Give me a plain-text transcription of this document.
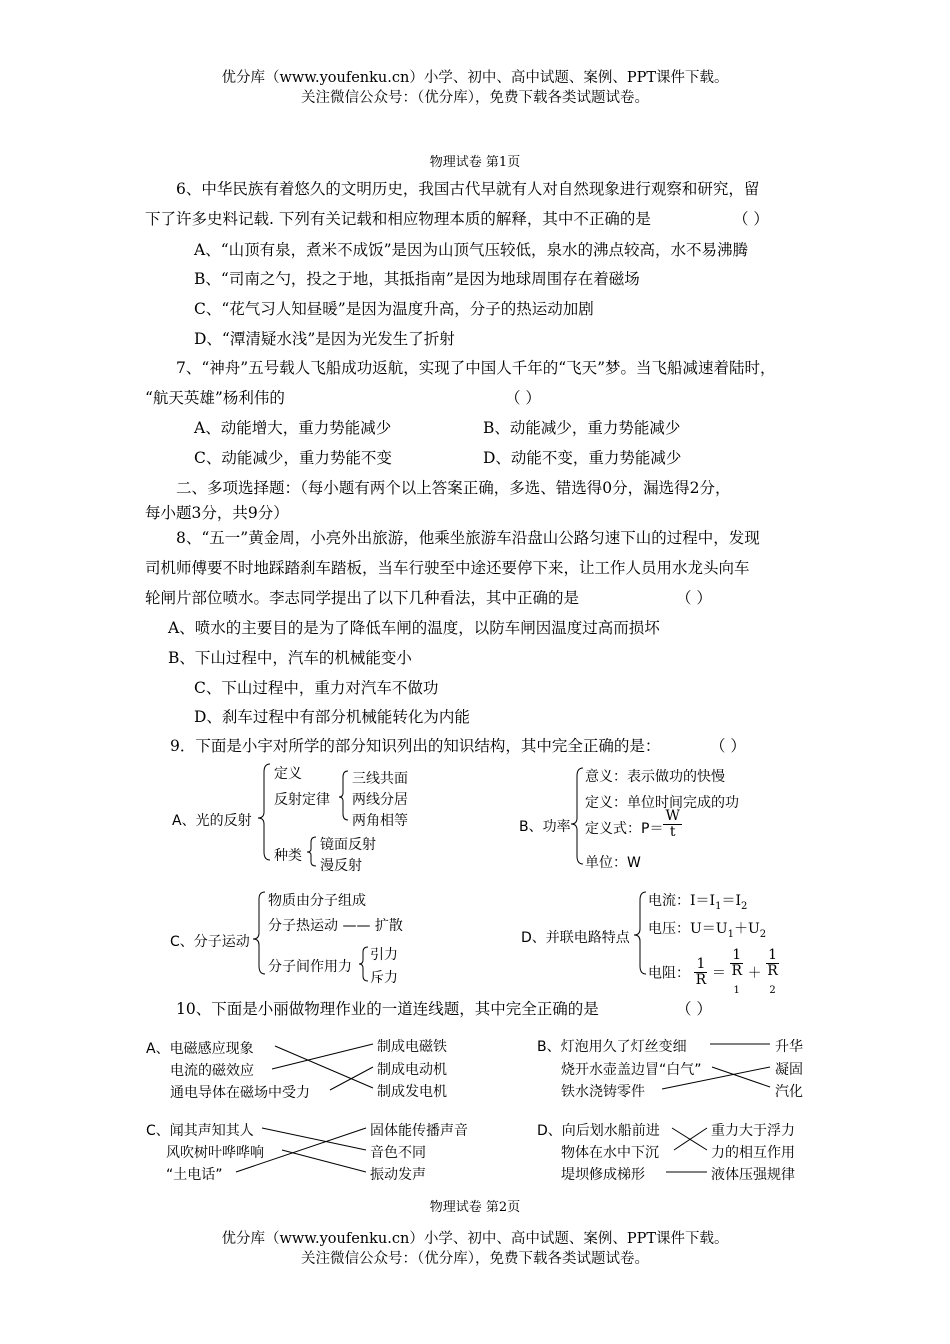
优分库（www.youfenku.cn）小学、初中、高中试题、案例、PPT课件下载。
关注微信公众号：（优分库），免费下载各类试题试卷。
物理试卷 第1页
6、中华民族有着悠久的文明历史，我国古代早就有人对自然现象进行观察和研究，留
下了许多史料记载. 下列有关记载和相应物理本质的解释，其中不正确的是	（ ）
A、“山顶有泉，煮米不成饭”是因为山顶气压较低，泉水的沸点较高，水不易沸腾
B、“司南之勺，投之于地，其抵指南”是因为地球周围存在着磁场
C、“花气习人知昼暖”是因为温度升高，分子的热运动加剧
D、“潭清疑水浅”是因为光发生了折射
7、“神舟”五号载人飞船成功返航，实现了中国人千年的“飞天”梦。当飞船减速着陆时，
“航天英雄”杨利伟的	（ ）
A、动能增大，重力势能减少	B、动能减少，重力势能减少
C、动能减少，重力势能不变	D、动能不变，重力势能减少
二、多项选择题：（每小题有两个以上答案正确，多选、错选得0分，漏选得2分，
每小题3分，共9分）
8、“五一”黄金周，小亮外出旅游，他乘坐旅游车沿盘山公路匀速下山的过程中，发现
司机师傅要不时地踩踏刹车踏板，当车行驶至中途还要停下来，让工作人员用水龙头向车
轮闸片部位喷水。李志同学提出了以下几种看法，其中正确的是	（ ）
A、喷水的主要目的是为了降低车闸的温度，以防车闸因温度过高而损坏
B、下山过程中，汽车的机械能变小
C、下山过程中，重力对汽车不做功
D、刹车过程中有部分机械能转化为内能
9．下面是小宇对所学的部分知识列出的知识结构，其中完全正确的是：	（ ）
A、光的反射
定义
反射定律
三线共面
两线分居
两角相等
种类
镜面反射
漫反射
B、功率
意义：表示做功的快慢
定义：单位时间完成的功
定义式：$P= \frac{W}{t}$
单位：W
C、分子运动
物质由分子组成
分子热运动 —— 扩散
分子间作用力
引力
斥力
D、并联电路特点
电流：$I=I_1=I_2$
电压：$U=U_1+U_2$
电阻： $\frac{1}{R} = 1$
R
$_1$ ＋ 1
R
$_2$
10、下面是小丽做物理作业的一道连线题，其中完全正确的是	（ ）
A、电磁感应现象
电流的磁效应
通电导体在磁场中受力
制成电磁铁
制成电动机
制成发电机
B、灯泡用久了灯丝变细
烧开水壶盖边冒“白气”
铁水浇铸零件
升华
凝固
汽化
C、闻其声知其人
风吹树叶哗哗响
“土电话”
固体能传播声音
音色不同
振动发声
D、向后划水船前进
物体在水中下沉
堤坝修成梯形
重力大于浮力
力的相互作用
液体压强规律
物理试卷 第2页
优分库（www.youfenku.cn）小学、初中、高中试题、案例、PPT课件下载。
关注微信公众号：（优分库），免费下载各类试题试卷。
